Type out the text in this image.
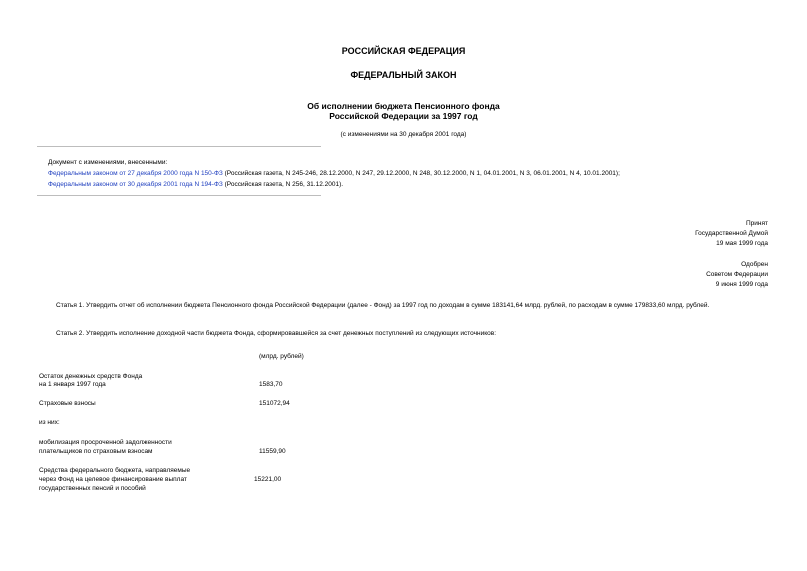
РОССИЙСКАЯ ФЕДЕРАЦИЯ
ФЕДЕРАЛЬНЫЙ ЗАКОН
Об исполнении бюджета Пенсионного фонда
Российской Федерации за 1997 год
(с изменениями на 30 декабря 2001 года)
Документ с изменениями, внесенными:
Федеральным законом от 27 декабря 2000 года N 150-ФЗ (Российская газета, N 245-246, 28.12.2000, N 247, 29.12.2000, N 248, 30.12.2000, N 1, 04.01.2001, N 3, 06.01.2001, N 4, 10.01.2001);
Федеральным законом от 30 декабря 2001 года N 194-ФЗ (Российская газета, N 256, 31.12.2001).
Принят
Государственной Думой
19 мая 1999 года
Одобрен
Советом Федерации
9 июня 1999 года
Статья 1. Утвердить отчет об исполнении бюджета Пенсионного фонда Российской Федерации (далее - Фонд) за 1997 год по доходам в сумме 183141,64 млрд. рублей, по расходам в сумме 179833,60 млрд. рублей.
Статья 2. Утвердить исполнение доходной части бюджета Фонда, сформировавшейся за счет денежных поступлений из следующих источников:
(млрд. рублей)
Остаток денежных средств Фонда
на 1 января 1997 года	1583,70
Страховые взносы	151072,94
из них:
мобилизация просроченной задолженности
плательщиков по страховым взносам	11559,90
Средства федерального бюджета, направляемые
через Фонд на целевое финансирование выплат	15221,00
государственных пенсий и пособий
